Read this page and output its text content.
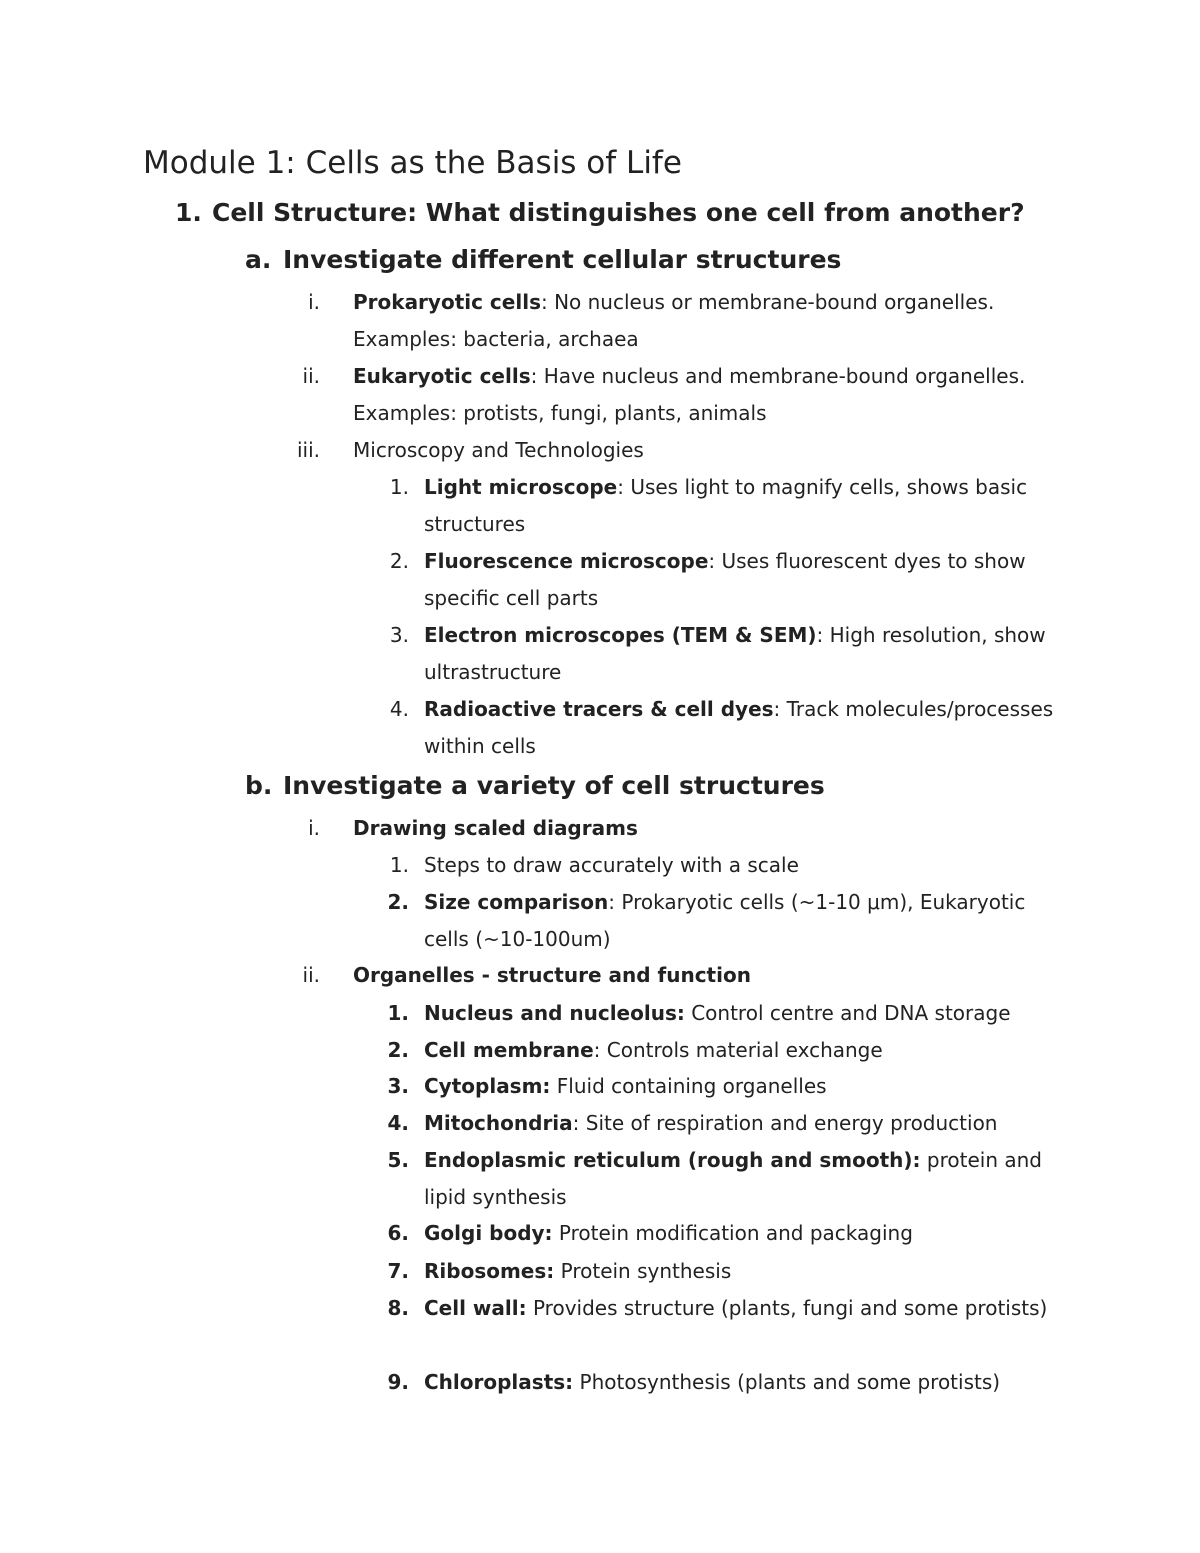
Module 1: Cells as the Basis of Life
1. Cell Structure: What distinguishes one cell from another?
a. Investigate different cellular structures
i. Prokaryotic cells: No nucleus or membrane-bound organelles. Examples: bacteria, archaea
ii. Eukaryotic cells: Have nucleus and membrane-bound organelles. Examples: protists, fungi, plants, animals
iii. Microscopy and Technologies
1. Light microscope: Uses light to magnify cells, shows basic structures
2. Fluorescence microscope: Uses fluorescent dyes to show specific cell parts
3. Electron microscopes (TEM & SEM): High resolution, show ultrastructure
4. Radioactive tracers & cell dyes: Track molecules/processes within cells
b. Investigate a variety of cell structures
i. Drawing scaled diagrams
1. Steps to draw accurately with a scale
2. Size comparison: Prokaryotic cells (~1-10 μm), Eukaryotic cells (~10-100um)
ii. Organelles - structure and function
1. Nucleus and nucleolus: Control centre and DNA storage
2. Cell membrane: Controls material exchange
3. Cytoplasm: Fluid containing organelles
4. Mitochondria: Site of respiration and energy production
5. Endoplasmic reticulum (rough and smooth): protein and lipid synthesis
6. Golgi body: Protein modification and packaging
7. Ribosomes: Protein synthesis
8. Cell wall: Provides structure (plants, fungi and some protists)
9. Chloroplasts: Photosynthesis (plants and some protists)
